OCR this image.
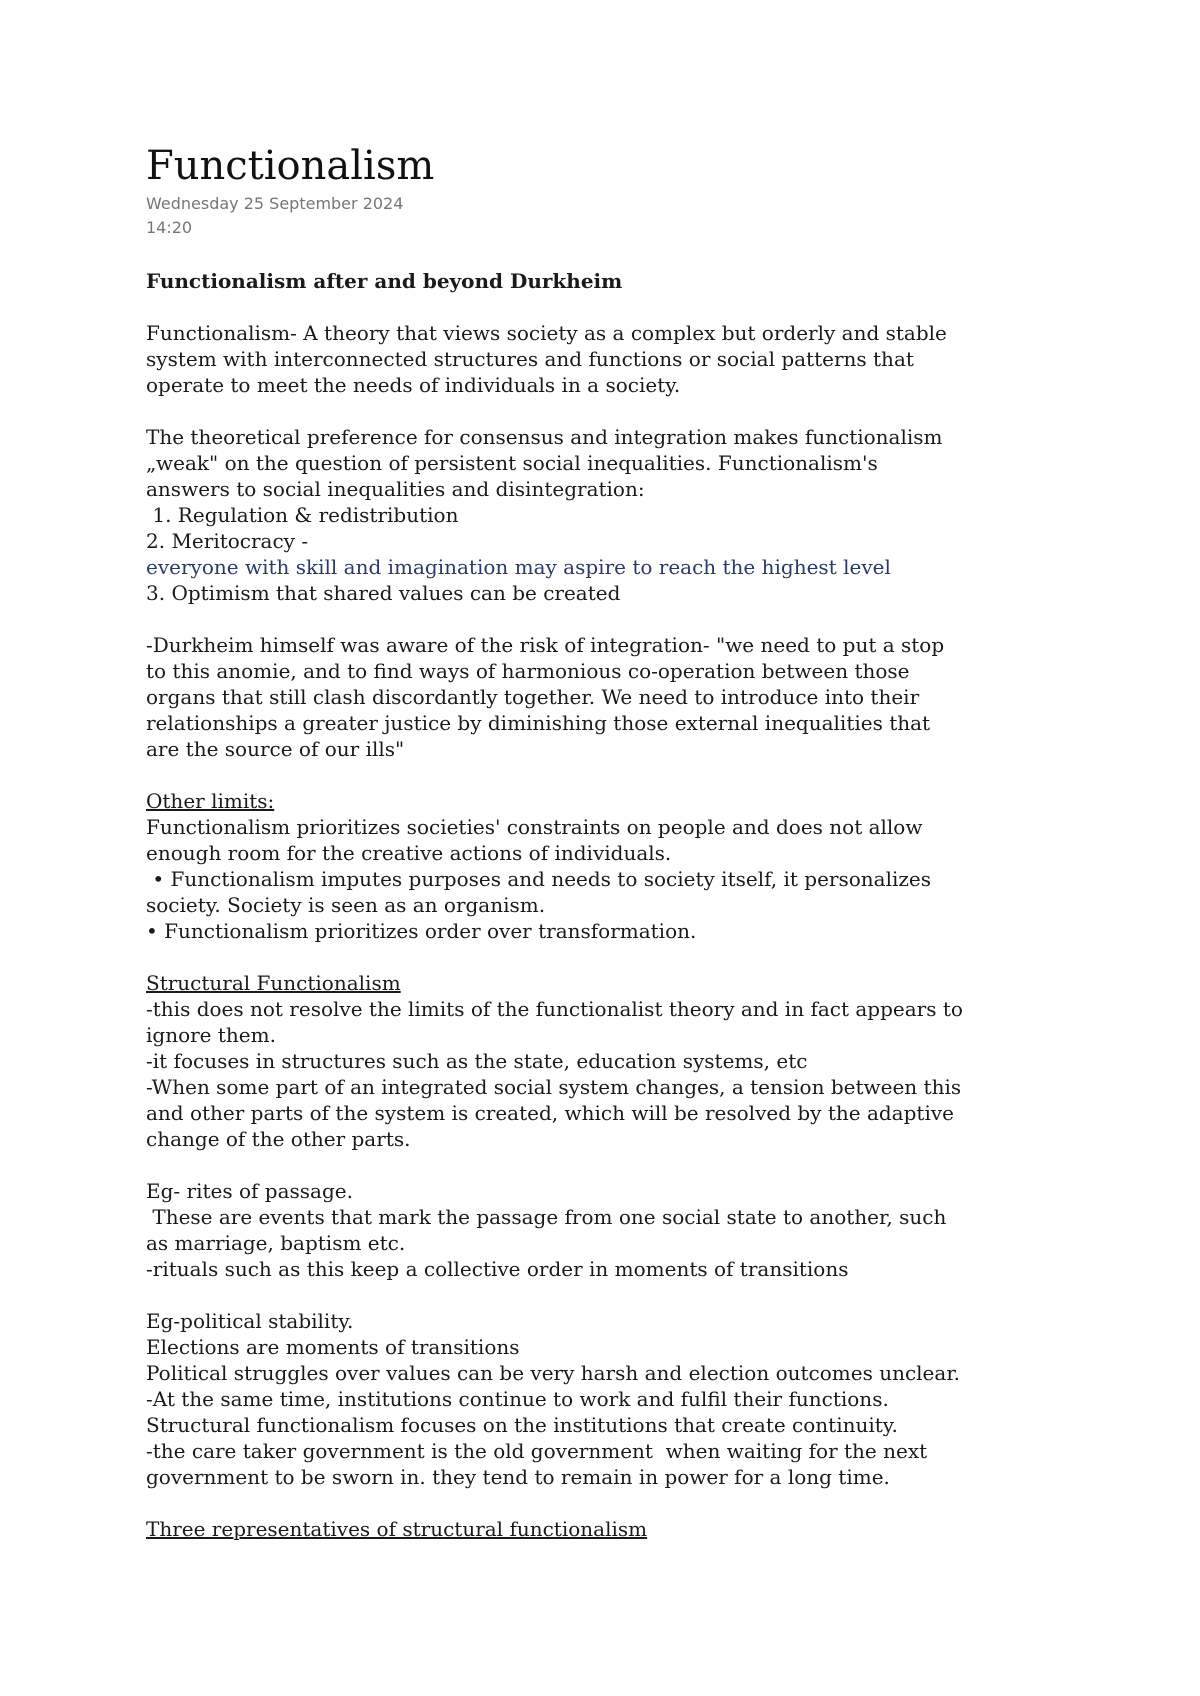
Functionalism
Wednesday 25 September 2024
14:20
Functionalism after and beyond Durkheim
Functionalism- A theory that views society as a complex but orderly and stable
system with interconnected structures and functions or social patterns that
operate to meet the needs of individuals in a society.
The theoretical preference for consensus and integration makes functionalism
„weak" on the question of persistent social inequalities. Functionalism's
answers to social inequalities and disintegration:
1. Regulation & redistribution
2. Meritocracy -
everyone with skill and imagination may aspire to reach the highest level
3. Optimism that shared values can be created
-Durkheim himself was aware of the risk of integration- "we need to put a stop
to this anomie, and to find ways of harmonious co-operation between those
organs that still clash discordantly together. We need to introduce into their
relationships a greater justice by diminishing those external inequalities that
are the source of our ills"
Other limits:
Functionalism prioritizes societies' constraints on people and does not allow
enough room for the creative actions of individuals.
• Functionalism imputes purposes and needs to society itself, it personalizes
society. Society is seen as an organism.
• Functionalism prioritizes order over transformation.
Structural Functionalism
-this does not resolve the limits of the functionalist theory and in fact appears to
ignore them.
-it focuses in structures such as the state, education systems, etc
-When some part of an integrated social system changes, a tension between this
and other parts of the system is created, which will be resolved by the adaptive
change of the other parts.
Eg- rites of passage.
These are events that mark the passage from one social state to another, such
as marriage, baptism etc.
-rituals such as this keep a collective order in moments of transitions
Eg-political stability.
Elections are moments of transitions
Political struggles over values can be very harsh and election outcomes unclear.
-At the same time, institutions continue to work and fulfil their functions.
Structural functionalism focuses on the institutions that create continuity.
-the care taker government is the old government  when waiting for the next
government to be sworn in. they tend to remain in power for a long time.
Three representatives of structural functionalism
